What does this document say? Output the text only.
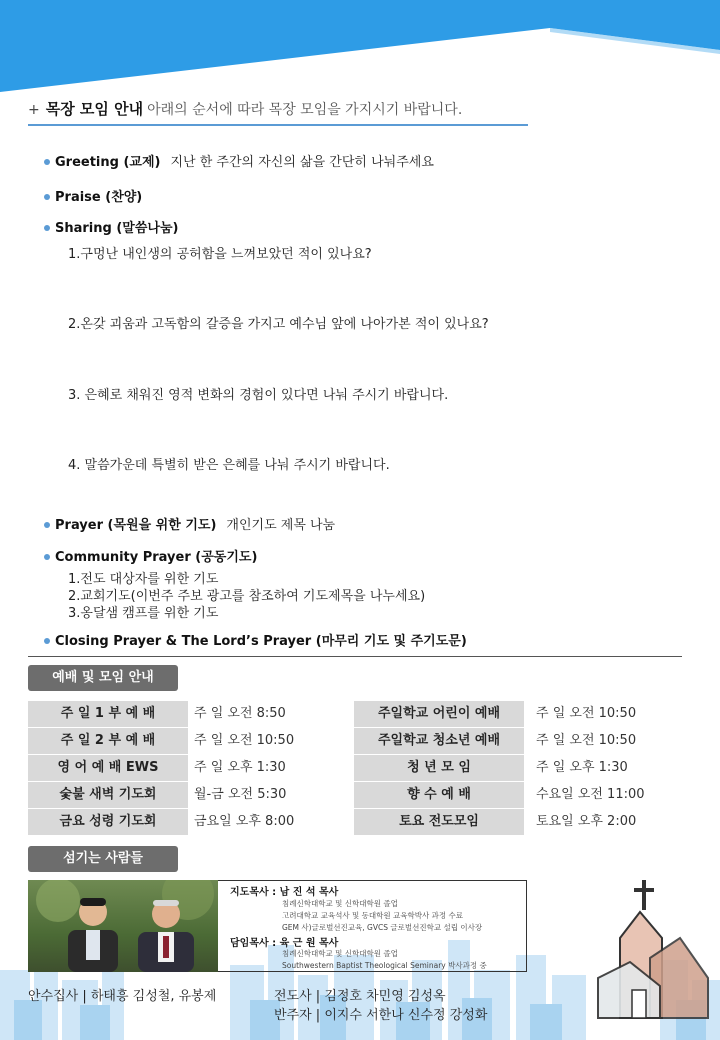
+ 목장 모임 안내 아래의 순서에 따라 목장 모임을 가지시기 바랍니다.
Greeting (교제) 지난 한 주간의 자신의 삶을 간단히 나눠주세요
Praise (찬양)
Sharing (말씀나눔)
1.구멍난 내인생의 공허함을 느껴보았던 적이 있나요?
2.온갖 괴움과 고독함의 갈증을 가지고 예수님 앞에 나아가본 적이 있나요?
3. 은혜로 채워진 영적 변화의 경험이 있다면 나눠 주시기 바랍니다.
4. 말씀가운데 특별히 받은 은혜를 나눠 주시기 바랍니다.
Prayer (목원을 위한 기도) 개인기도 제목 나눔
Community Prayer (공동기도)
1.전도 대상자를 위한 기도
2.교회기도(이번주 주보 광고를 참조하여 기도제목을 나누세요)
3.옹달샘 캠프를 위한 기도
Closing Prayer & The Lord’s Prayer (마무리 기도 및 주기도문)
예배 및 모임 안내
주 일 1 부 예 배	주 일 오전 8:50	주일학교 어린이 예배	주 일 오전 10:50
주 일 2 부 예 배	주 일 오전 10:50	주일학교 청소년 예배	주 일 오전 10:50
영 어 예 배 EWS	주 일 오후 1:30	청 년 모 임	주 일 오후 1:30
숯불 새벽 기도회	월-금 오전 5:30	향 수 예 배	수요일 오전 11:00
금요 성령 기도회	금요일 오후 8:00	토요 전도모임	토요일 오후 2:00
섬기는 사람들
지도목사 : 남 진 석 목사
침례신학대학교 및 신학대학원 졸업
고려대학교 교육석사 및 동대학원 교육학박사 과정 수료
GEM 사)글로벌선진교육, GVCS 글로벌선진학교 설립 이사장
담임목사 : 육 근 원 목사
침례신학대학교 및 신학대학원 졸업
Southwestern Baptist Theological Seminary 박사과정 중
안수집사 | 하태흥 김성철, 유봉제	전도사 | 김정호 차민영 김성옥
반주자 | 이지수 서한나 신수정 강성화
